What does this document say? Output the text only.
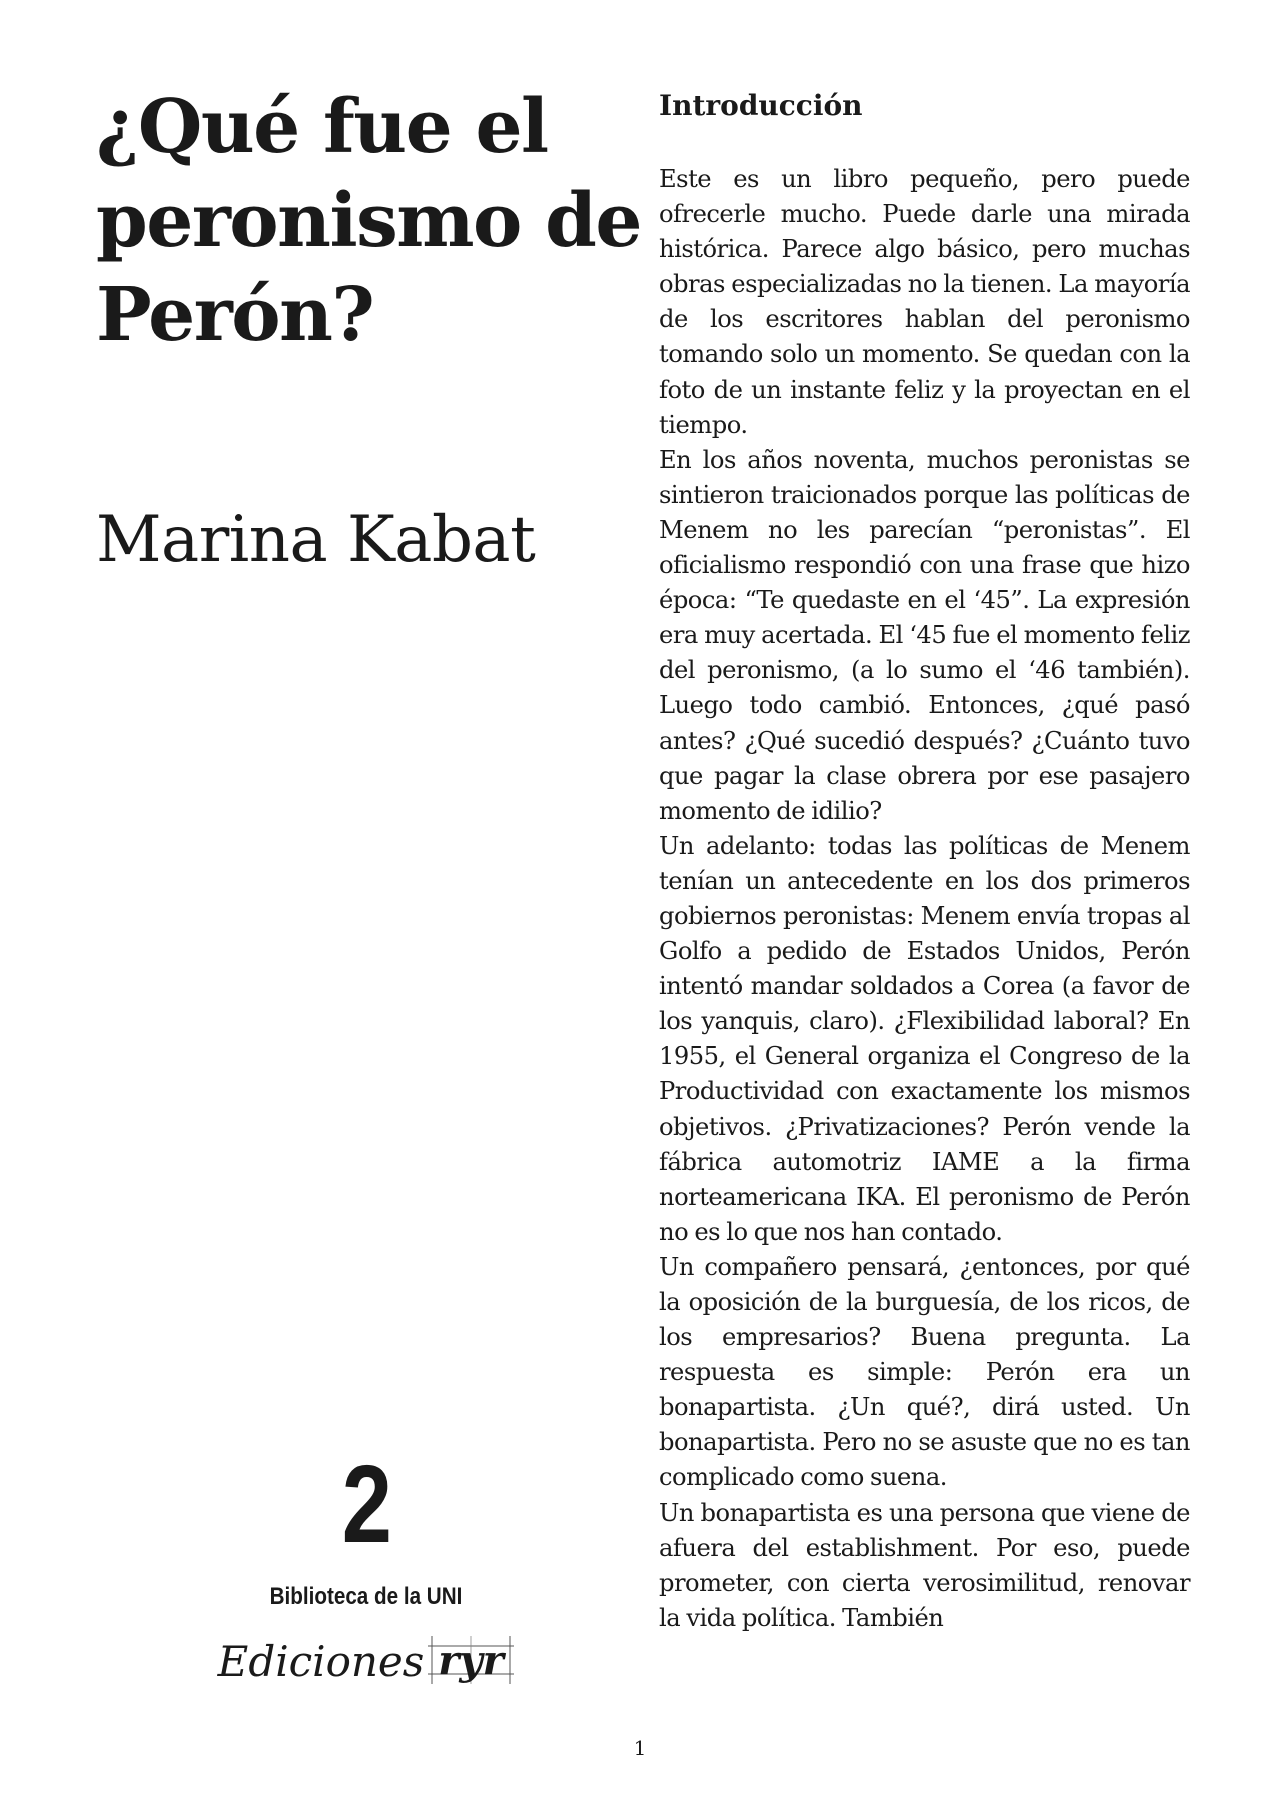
¿Qué fue el peronismo de Perón?
Marina Kabat
2
Biblioteca de la UNI
Ediciones ryr
Introducción

Este es un libro pequeño, pero puede ofrecerle mucho. Puede darle una mirada histórica. Parece algo básico, pero muchas obras especializadas no la tienen. La mayoría de los escritores hablan del peronismo tomando solo un momento. Se quedan con la foto de un instante feliz y la proyectan en el tiempo.

En los años noventa, muchos peronistas se sintieron traicionados porque las políticas de Menem no les parecían “peronistas”. El oficialismo respondió con una frase que hizo época: “Te quedaste en el ‘45”. La expresión era muy acertada. El ‘45 fue el momento feliz del peronismo, (a lo sumo el ‘46 también). Luego todo cambió. Entonces, ¿qué pasó antes? ¿Qué sucedió después? ¿Cuánto tuvo que pagar la clase obrera por ese pasajero momento de idilio?

Un adelanto: todas las políticas de Menem tenían un antecedente en los dos primeros gobiernos peronistas: Menem envía tropas al Golfo a pedido de Estados Unidos, Perón intentó mandar soldados a Corea (a favor de los yanquis, claro). ¿Flexibilidad laboral? En 1955, el General organiza el Congreso de la Productividad con exactamente los mismos objetivos. ¿Privatizaciones? Perón vende la fábrica automotriz IAME a la firma norteamericana IKA. El peronismo de Perón no es lo que nos han contado.

Un compañero pensará, ¿entonces, por qué la oposición de la burguesía, de los ricos, de los empresarios? Buena pregunta. La respuesta es simple: Perón era un bonapartista. ¿Un qué?, dirá usted. Un bonapartista. Pero no se asuste que no es tan complicado como suena.

Un bonapartista es una persona que viene de afuera del establishment. Por eso, puede prometer, con cierta verosimilitud, renovar la vida política. También

1
